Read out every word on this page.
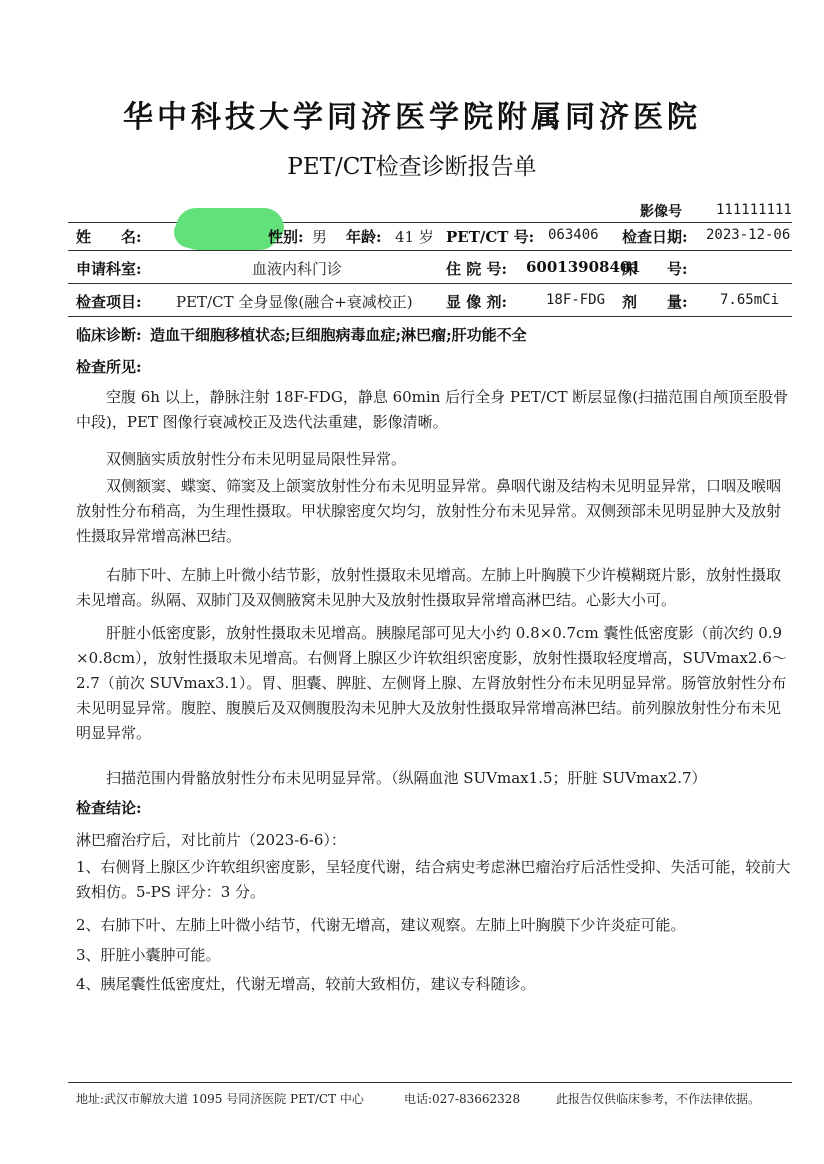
华中科技大学同济医学院附属同济医院
PET/CT检查诊断报告单
影像号 111111111
姓　　名:	性别: 男 年龄: 41 岁 PET/CT 号: 063406 检查日期: 2023-12-06
申请科室:	血液内科门诊	住 院 号: 60013908401
床　　号:
检查项目: PET/CT 全身显像(融合+衰减校正) 显 像 剂:	18F-FDG 剂　　量: 7.65mCi
临床诊断: 造血干细胞移植状态;巨细胞病毒血症;淋巴瘤;肝功能不全
检查所见:
空腹 6h 以上，静脉注射 18F-FDG，静息 60min 后行全身 PET/CT 断层显像(扫描范围自颅顶至股骨中段)，PET 图像行衰减校正及迭代法重建，影像清晰。
双侧脑实质放射性分布未见明显局限性异常。
双侧额窦、蝶窦、筛窦及上颌窦放射性分布未见明显异常。鼻咽代谢及结构未见明显异常，口咽及喉咽放射性分布稍高，为生理性摄取。甲状腺密度欠均匀，放射性分布未见异常。双侧颈部未见明显肿大及放射性摄取异常增高淋巴结。
右肺下叶、左肺上叶微小结节影，放射性摄取未见增高。左肺上叶胸膜下少许模糊斑片影，放射性摄取未见增高。纵隔、双肺门及双侧腋窝未见肿大及放射性摄取异常增高淋巴结。心影大小可。
肝脏小低密度影，放射性摄取未见增高。胰腺尾部可见大小约 0.8×0.7cm 囊性低密度影（前次约 0.9×0.8cm），放射性摄取未见增高。右侧肾上腺区少许软组织密度影，放射性摄取轻度增高，SUVmax2.6～2.7（前次 SUVmax3.1）。胃、胆囊、脾脏、左侧肾上腺、左肾放射性分布未见明显异常。肠管放射性分布未见明显异常。腹腔、腹膜后及双侧腹股沟未见肿大及放射性摄取异常增高淋巴结。前列腺放射性分布未见明显异常。
扫描范围内骨骼放射性分布未见明显异常。（纵隔血池 SUVmax1.5；肝脏 SUVmax2.7）
检查结论:
淋巴瘤治疗后，对比前片（2023-6-6）：
1、右侧肾上腺区少许软组织密度影，呈轻度代谢，结合病史考虑淋巴瘤治疗后活性受抑、失活可能，较前大致相仿。5-PS 评分：3 分。
2、右肺下叶、左肺上叶微小结节，代谢无增高，建议观察。左肺上叶胸膜下少许炎症可能。
3、肝脏小囊肿可能。
4、胰尾囊性低密度灶，代谢无增高，较前大致相仿，建议专科随诊。
地址:武汉市解放大道 1095 号同济医院 PET/CT 中心	电话:027-83662328	此报告仅供临床参考，不作法律依据。
